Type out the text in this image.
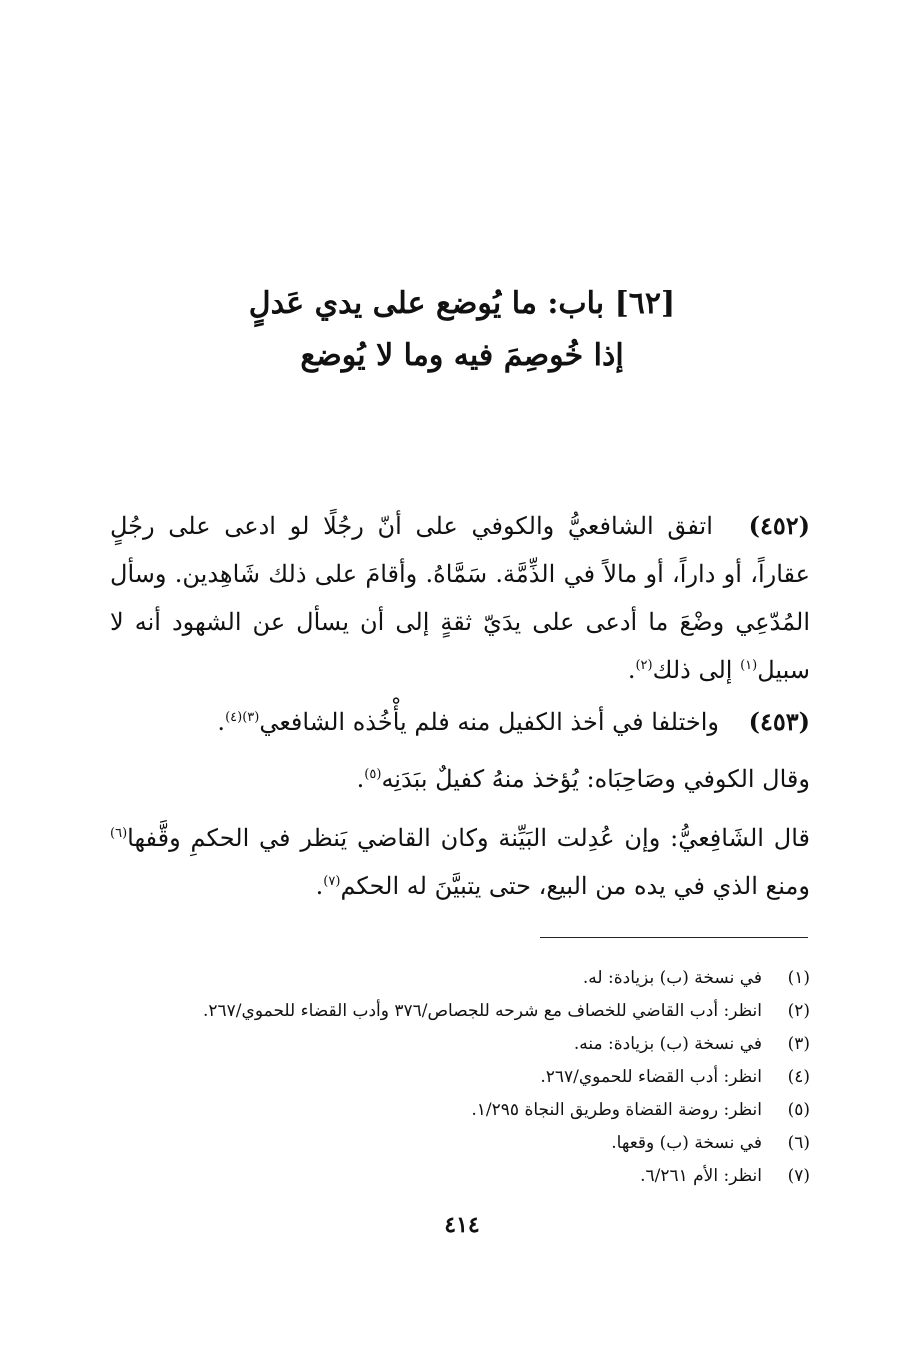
[٦٢] باب: ما يُوضع على يدي عَدلٍ
إذا خُوصِمَ فيه وما لا يُوضع
(٤٥٢) اتفق الشافعيُّ والكوفي على أنّ رجُلًا لو ادعى على رجُلٍ عقاراً، أو داراً، أو مالاً في الذِّمَّة. سَمَّاهُ. وأقامَ على ذلك شَاهِدين. وسأل المُدّعِي وضْعَ ما أدعى على يدَيّ ثقةٍ إلى أن يسأل عن الشهود أنه لا سبيل$^{(١)}$ إلى ذلك$^{(٢)}$.
(٤٥٣) واختلفا في أخذ الكفيل منه فلم يأْخُذه الشافعي$^{(٣)(٤)}$.
وقال الكوفي وصَاحِبَاه: يُؤخذ منهُ كفيلٌ ببَدَنِه$^{(٥)}$.
قال الشَافِعيُّ: وإن عُدِلت البَيِّنة وكان القاضي يَنظر في الحكمِ وقَّفها$^{(٦)}$ ومنع الذي في يده من البيع، حتى يتبيَّنَ له الحكم$^{(٧)}$.
(١)في نسخة (ب) بزيادة: له.
(٢)انظر: أدب القاضي للخصاف مع شرحه للجصاص/٣٧٦ وأدب القضاء للحموي/٢٦٧.
(٣)في نسخة (ب) بزيادة: منه.
(٤)انظر: أدب القضاء للحموي/٢٦٧.
(٥)انظر: روضة القضاة وطريق النجاة ١/٢٩٥.
(٦)في نسخة (ب) وقعها.
(٧)انظر: الأم ٦/٢٦١.
٤١٤
